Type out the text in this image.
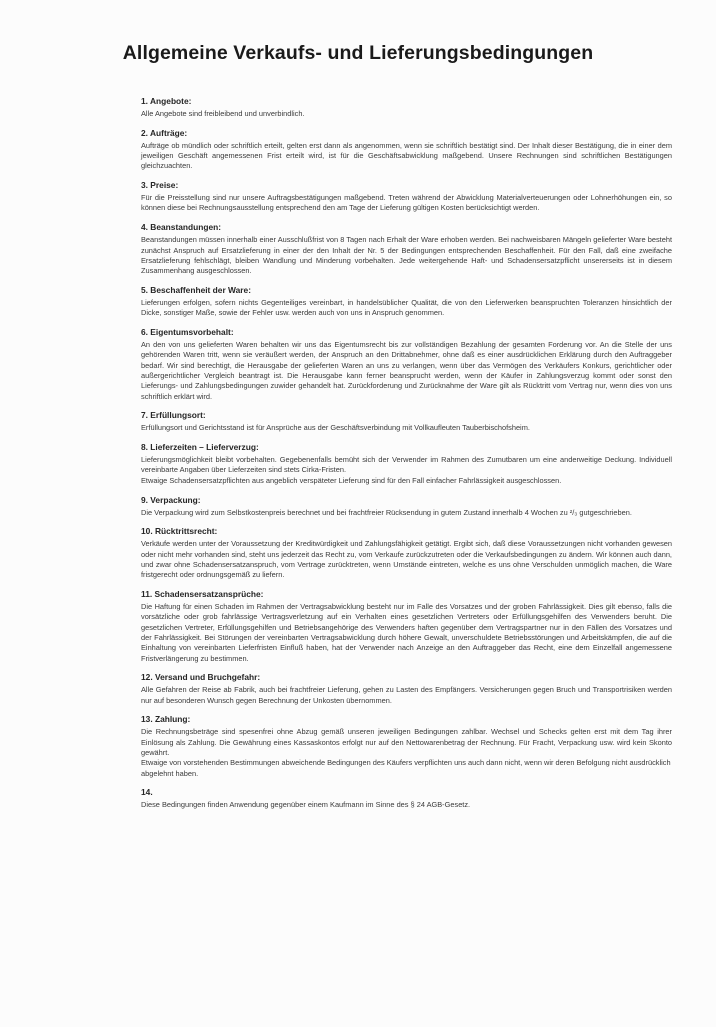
Allgemeine Verkaufs- und Lieferungsbedingungen
1. Angebote:

Alle Angebote sind freibleibend und unverbindlich.

2. Aufträge:

Aufträge ob mündlich oder schriftlich erteilt, gelten erst dann als angenommen, wenn sie schriftlich bestätigt sind. Der Inhalt dieser Bestätigung, die in einer dem jeweiligen Geschäft angemessenen Frist erteilt wird, ist für die Geschäftsabwicklung maßgebend. Unsere Rechnungen sind schriftlichen Bestätigungen gleichzuachten.

3. Preise:

Für die Preisstellung sind nur unsere Auftragsbestätigungen maßgebend. Treten während der Abwicklung Materialverteuerungen oder Lohnerhöhungen ein, so können diese bei Rechnungsausstellung entsprechend den am Tage der Lieferung gültigen Kosten berücksichtigt werden.

4. Beanstandungen:

Beanstandungen müssen innerhalb einer Ausschlußfrist von 8 Tagen nach Erhalt der Ware erhoben werden. Bei nachweisbaren Mängeln gelieferter Ware besteht zunächst Anspruch auf Ersatzlieferung in einer der den Inhalt der Nr. 5 der Bedingungen entsprechenden Beschaffenheit. Für den Fall, daß eine zweifache Ersatzlieferung fehlschlägt, bleiben Wandlung und Minderung vorbehalten. Jede weitergehende Haft- und Schadensersatzpflicht unsererseits ist in diesem Zusammenhang ausgeschlossen.

5. Beschaffenheit der Ware:

Lieferungen erfolgen, sofern nichts Gegenteiliges vereinbart, in handelsüblicher Qualität, die von den Lieferwerken beanspruchten Toleranzen hinsichtlich der Dicke, sonstiger Maße, sowie der Fehler usw. werden auch von uns in Anspruch genommen.

6. Eigentumsvorbehalt:

An den von uns gelieferten Waren behalten wir uns das Eigentumsrecht bis zur vollständigen Bezahlung der gesamten Forderung vor. An die Stelle der uns gehörenden Waren tritt, wenn sie veräußert werden, der Anspruch an den Drittabnehmer, ohne daß es einer ausdrücklichen Erklärung durch den Auftraggeber bedarf. Wir sind berechtigt, die Herausgabe der gelieferten Waren an uns zu verlangen, wenn über das Vermögen des Verkäufers Konkurs, gerichtlicher oder außergerichtlicher Vergleich beantragt ist. Die Herausgabe kann ferner beansprucht werden, wenn der Käufer in Zahlungsverzug kommt oder sonst den Lieferungs- und Zahlungsbedingungen zuwider gehandelt hat. Zurückforderung und Zurücknahme der Ware gilt als Rücktritt vom Vertrag nur, wenn dies von uns schriftlich erklärt wird.

7. Erfüllungsort:

Erfüllungsort und Gerichtsstand ist für Ansprüche aus der Geschäftsverbindung mit Vollkaufleuten Tauberbischofsheim.

8. Lieferzeiten – Lieferverzug:

Lieferungsmöglichkeit bleibt vorbehalten. Gegebenenfalls bemüht sich der Verwender im Rahmen des Zumutbaren um eine anderweitige Deckung. Individuell vereinbarte Angaben über Lieferzeiten sind stets Cirka-Fristen.

Etwaige Schadensersatzpflichten aus angeblich verspäteter Lieferung sind für den Fall einfacher Fahrlässigkeit ausgeschlossen.

9. Verpackung:

Die Verpackung wird zum Selbstkostenpreis berechnet und bei frachtfreier Rücksendung in gutem Zustand innerhalb 4 Wochen zu ²/₃ gutgeschrieben.

10. Rücktrittsrecht:

Verkäufe werden unter der Voraussetzung der Kreditwürdigkeit und Zahlungsfähigkeit getätigt. Ergibt sich, daß diese Voraussetzungen nicht vorhanden gewesen oder nicht mehr vorhanden sind, steht uns jederzeit das Recht zu, vom Verkaufe zurückzutreten oder die Verkaufsbedingungen zu ändern. Wir können auch dann, und zwar ohne Schadensersatzanspruch, vom Vertrage zurücktreten, wenn Umstände eintreten, welche es uns ohne Verschulden unmöglich machen, die Ware fristgerecht oder ordnungsgemäß zu liefern.

11. Schadensersatzansprüche:

Die Haftung für einen Schaden im Rahmen der Vertragsabwicklung besteht nur im Falle des Vorsatzes und der groben Fahrlässigkeit. Dies gilt ebenso, falls die vorsätzliche oder grob fahrlässige Vertragsverletzung auf ein Verhalten eines gesetzlichen Vertreters oder Erfüllungsgehilfen des Verwenders beruht. Die gesetzlichen Vertreter, Erfüllungsgehilfen und Betriebsangehörige des Verwenders haften gegenüber dem Vertragspartner nur in den Fällen des Vorsatzes und der Fahrlässigkeit. Bei Störungen der vereinbarten Vertragsabwicklung durch höhere Gewalt, unverschuldete Betriebsstörungen und Arbeitskämpfen, die auf die Einhaltung von vereinbarten Lieferfristen Einfluß haben, hat der Verwender nach Anzeige an den Auftraggeber das Recht, eine dem Einzelfall angemessene Fristverlängerung zu bestimmen.

12. Versand und Bruchgefahr:

Alle Gefahren der Reise ab Fabrik, auch bei frachtfreier Lieferung, gehen zu Lasten des Empfängers. Versicherungen gegen Bruch und Transportrisiken werden nur auf besonderen Wunsch gegen Berechnung der Unkosten übernommen.

13. Zahlung:

Die Rechnungsbeträge sind spesenfrei ohne Abzug gemäß unseren jeweiligen Bedingungen zahlbar. Wechsel und Schecks gelten erst mit dem Tag ihrer Einlösung als Zahlung. Die Gewährung eines Kassaskontos erfolgt nur auf den Nettowarenbetrag der Rechnung. Für Fracht, Verpackung usw. wird kein Skonto gewährt.

Etwaige von vorstehenden Bestimmungen abweichende Bedingungen des Käufers verpflichten uns auch dann nicht, wenn wir deren Befolgung nicht ausdrücklich abgelehnt haben.

14.

Diese Bedingungen finden Anwendung gegenüber einem Kaufmann im Sinne des § 24 AGB-Gesetz.
